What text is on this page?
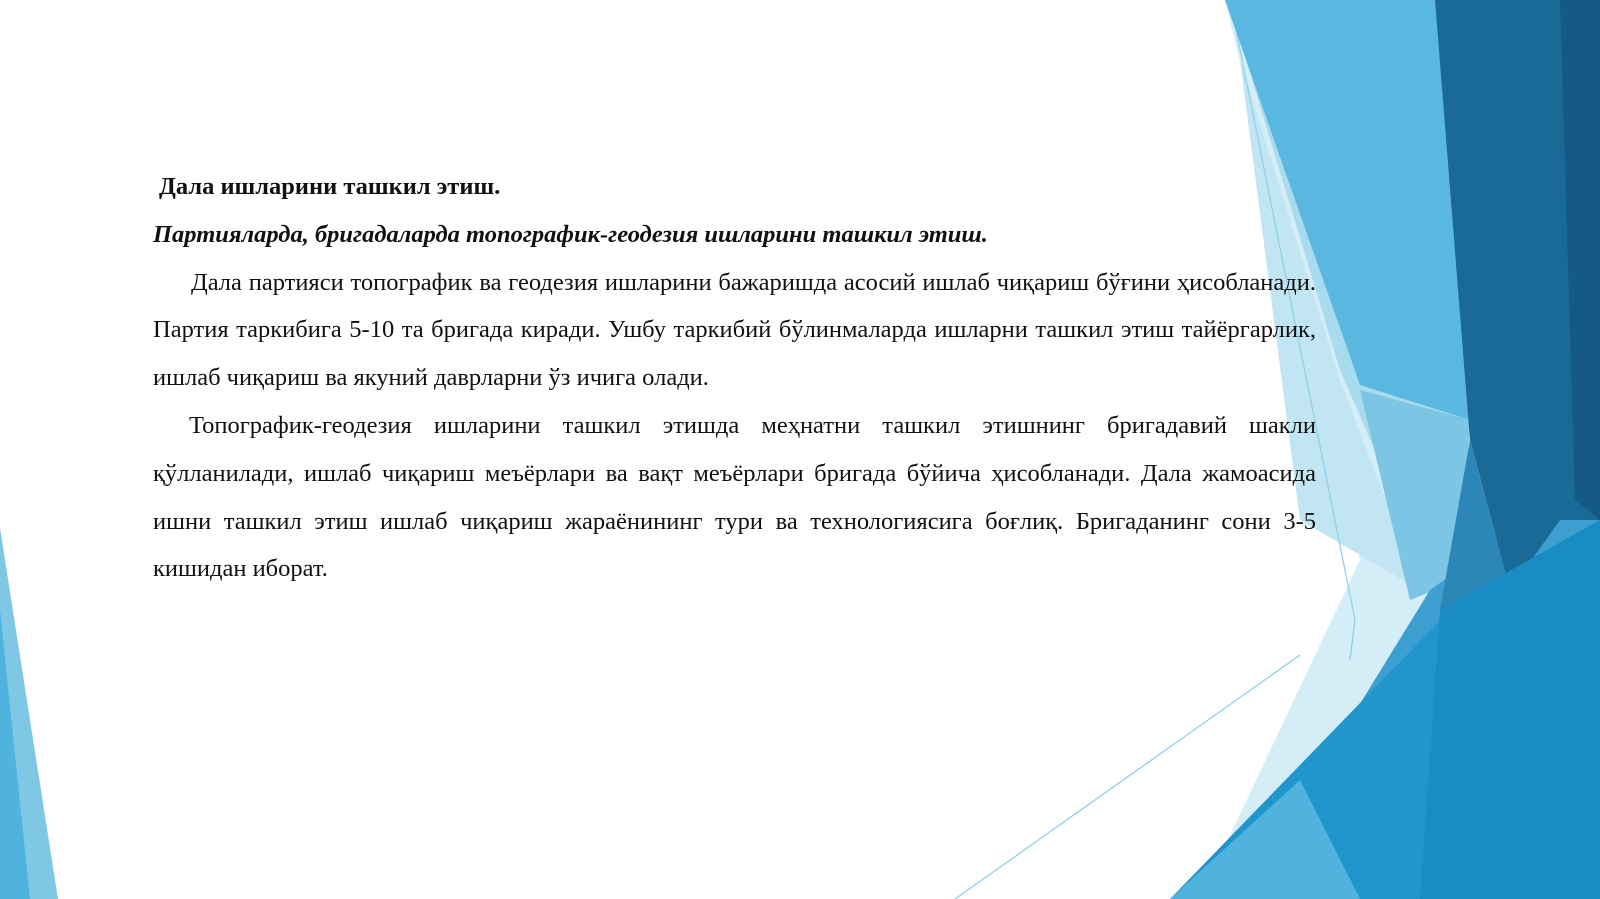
Дала ишларини ташкил этиш.
Партияларда, бригадаларда топографик-геодезия ишларини ташкил этиш.

Дала партияси топографик ва геодезия ишларини бажаришда асосий ишлаб чиқариш бўғини ҳисобланади. Партия таркибига 5-10 та бригада киради. Ушбу таркибий бўлинмаларда ишларни ташкил этиш тайёргарлик, ишлаб чиқариш ва якуний даврларни ўз ичига олади.

Топографик-геодезия ишларини ташкил этишда меҳнатни ташкил этишнинг бригадавий шакли қўлланилади, ишлаб чиқариш меъёрлари ва вақт меъёрлари бригада бўйича ҳисобланади. Дала жамоасида ишни ташкил этиш ишлаб чиқариш жараёнининг тури ва технологиясига боғлиқ. Бригаданинг сони 3-5 кишидан иборат.
